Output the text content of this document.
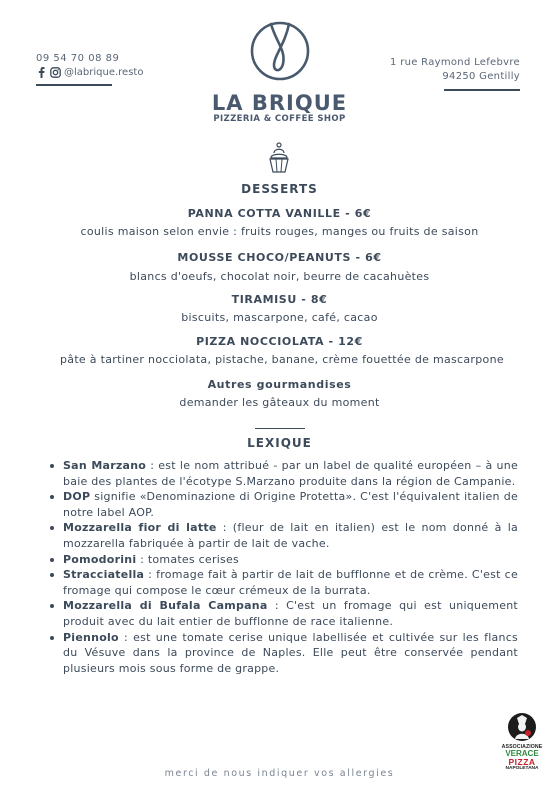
09 54 70 08 89
@labrique.resto
LA BRIQUE
PIZZERIA & COFFEE SHOP
1 rue Raymond Lefebvre
94250 Gentilly
DESSERTS
PANNA COTTA VANILLE - 6€
coulis maison selon envie : fruits rouges, manges ou fruits de saison
MOUSSE CHOCO/PEANUTS - 6€
blancs d'oeufs, chocolat noir, beurre de cacahuètes
TIRAMISU - 8€
biscuits, mascarpone, café, cacao
PIZZA NOCCIOLATA - 12€
pâte à tartiner nocciolata, pistache, banane, crème fouettée de mascarpone
Autres gourmandises
demander les gâteaux du moment
LEXIQUE
San Marzano : est le nom attribué - par un label de qualité européen – à une baie des plantes de l'écotype S.Marzano produite dans la région de Campanie.
DOP signifie «Denominazione di Origine Protetta». C'est l'équivalent italien de notre label AOP.
Mozzarella fior di latte : (fleur de lait en italien) est le nom donné à la mozzarella fabriquée à partir de lait de vache.
Pomodorini : tomates cerises
Stracciatella : fromage fait à partir de lait de bufflonne et de crème. C'est ce fromage qui compose le cœur crémeux de la burrata.
Mozzarella di Bufala Campana : C'est un fromage qui est uniquement produit avec du lait entier de bufflonne de race italienne.
Piennolo : est une tomate cerise unique labellisée et cultivée sur les flancs du Vésuve dans la province de Naples. Elle peut être conservée pendant plusieurs mois sous forme de grappe.
merci de nous indiquer vos allergies
ASSOCIAZIONE
VERACE
PIZZA
NAPOLETANA
